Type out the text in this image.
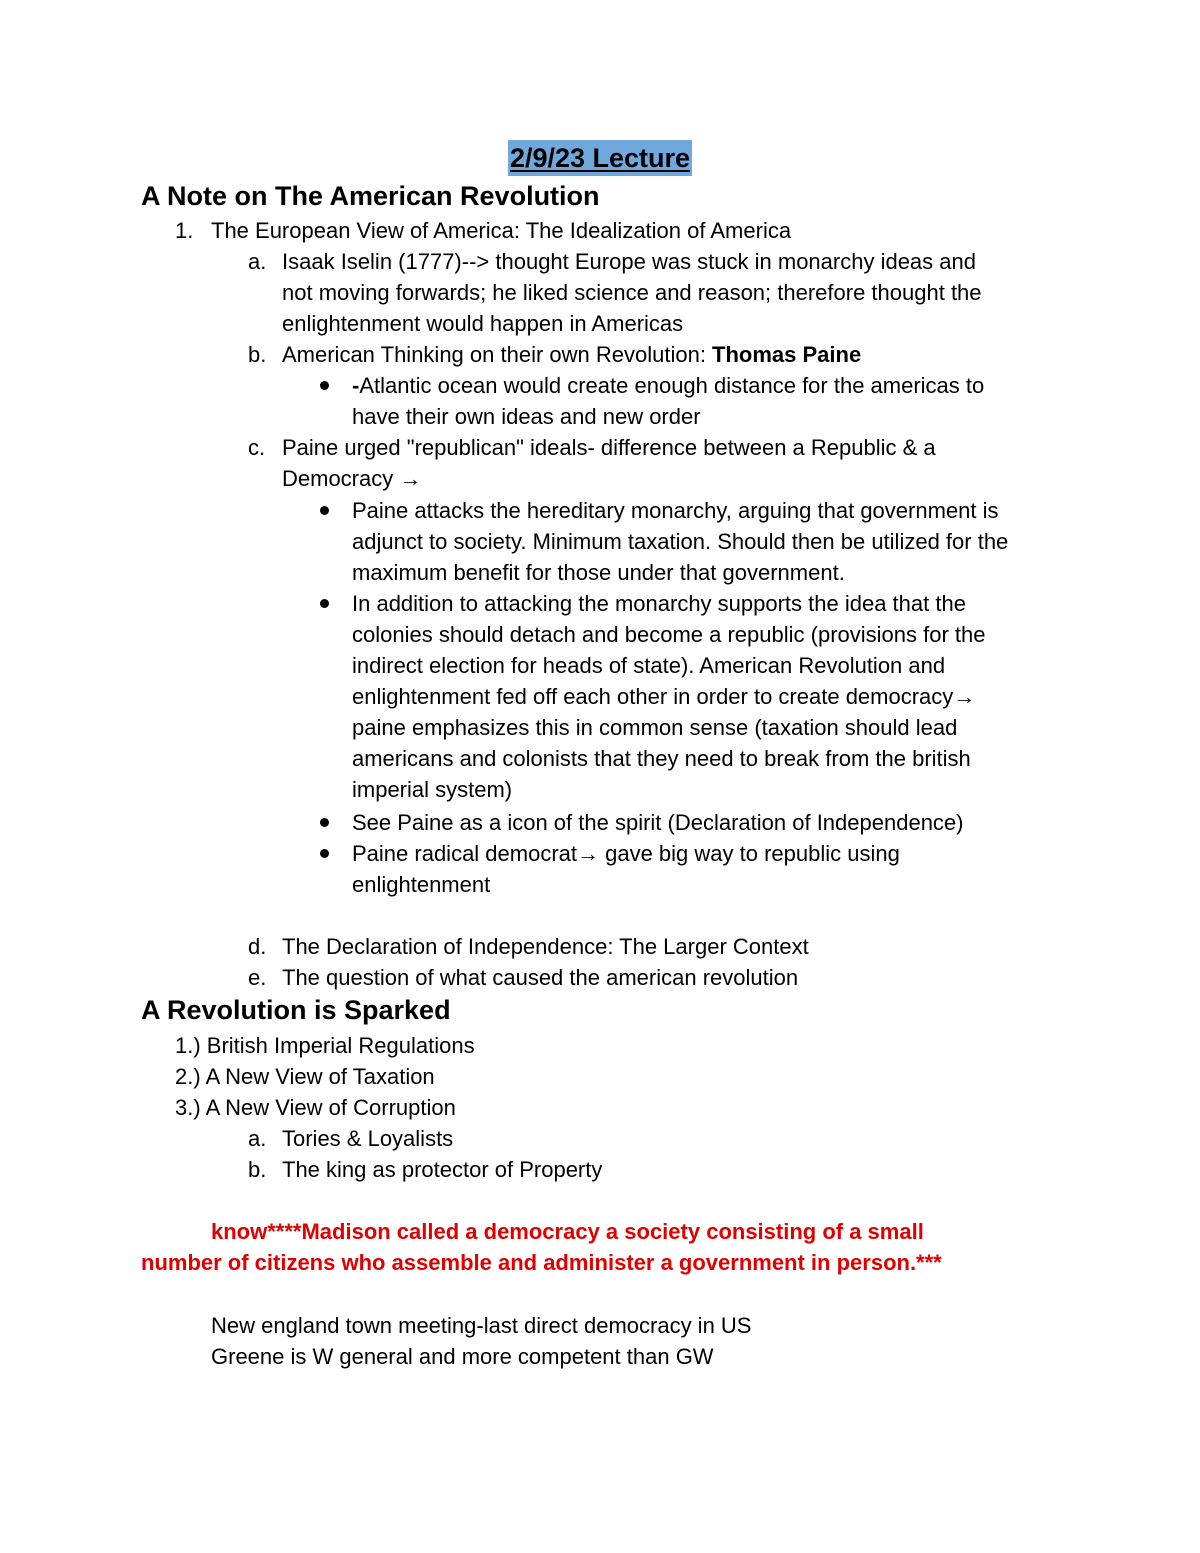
2/9/23 Lecture
A Note on The American Revolution
1. The European View of America: The Idealization of America
a. Isaak Iselin (1777)--> thought Europe was stuck in monarchy ideas and
not moving forwards; he liked science and reason; therefore thought the
enlightenment would happen in Americas
b. American Thinking on their own Revolution: Thomas Paine
-Atlantic ocean would create enough distance for the americas to
have their own ideas and new order
c. Paine urged "republican" ideals- difference between a Republic & a
Democracy →
Paine attacks the hereditary monarchy, arguing that government is
adjunct to society. Minimum taxation. Should then be utilized for the
maximum benefit for those under that government.
In addition to attacking the monarchy supports the idea that the
colonies should detach and become a republic (provisions for the
indirect election for heads of state). American Revolution and
enlightenment fed off each other in order to create democracy→
paine emphasizes this in common sense (taxation should lead
americans and colonists that they need to break from the british
imperial system)
See Paine as a icon of the spirit (Declaration of Independence)
Paine radical democrat→ gave big way to republic using
enlightenment
d. The Declaration of Independence: The Larger Context
e. The question of what caused the american revolution
A Revolution is Sparked
1.) British Imperial Regulations
2.) A New View of Taxation
3.) A New View of Corruption
a. Tories & Loyalists
b. The king as protector of Property
know****Madison called a democracy a society consisting of a small
number of citizens who assemble and administer a government in person.***
New england town meeting-last direct democracy in US
Greene is W general and more competent than GW
